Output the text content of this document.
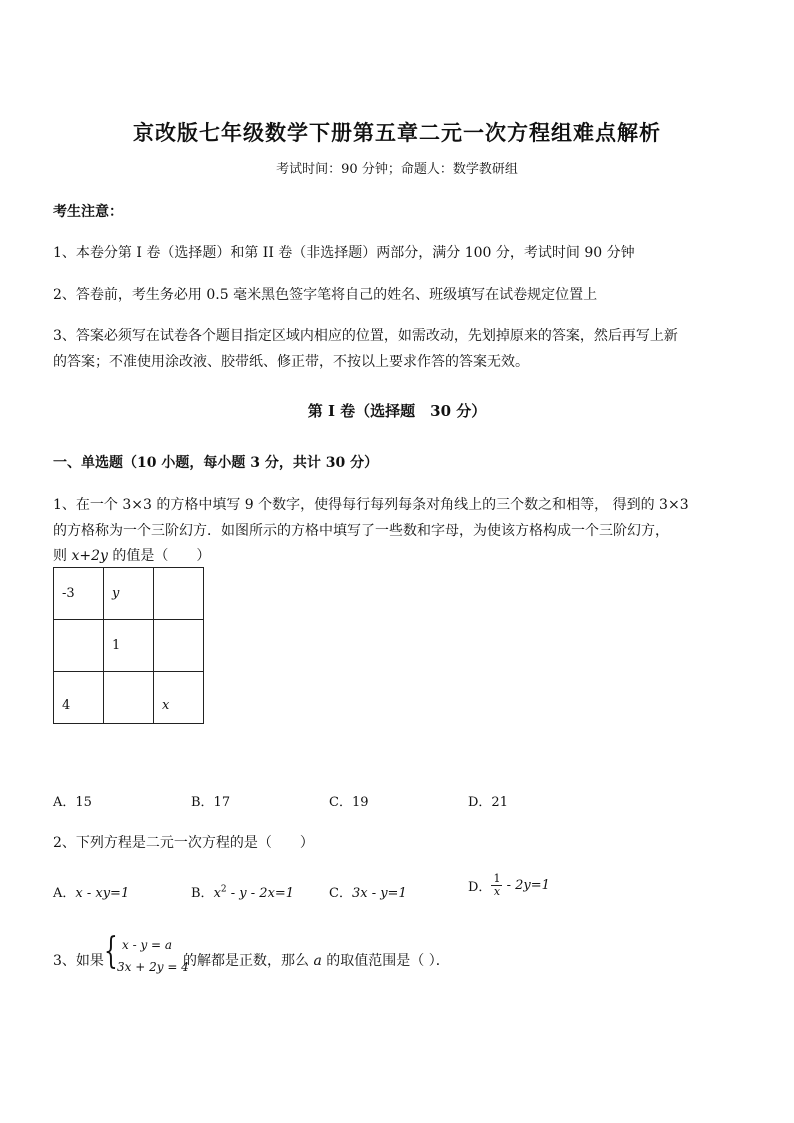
京改版七年级数学下册第五章二元一次方程组难点解析
考试时间：90 分钟；命题人：数学教研组
考生注意：
1、本卷分第 I 卷（选择题）和第 II 卷（非选择题）两部分，满分 100 分，考试时间 90 分钟
2、答卷前，考生务必用 0.5 毫米黑色签字笔将自己的姓名、班级填写在试卷规定位置上
3、答案必须写在试卷各个题目指定区域内相应的位置，如需改动，先划掉原来的答案，然后再写上新
的答案；不准使用涂改液、胶带纸、修正带，不按以上要求作答的答案无效。
第 I 卷（选择题　30 分）
一、单选题（10 小题，每小题 3 分，共计 30 分）
1、在一个 3×3 的方格中填写 9 个数字，使得每行每列每条对角线上的三个数之和相等， 得到的 3×3
的方格称为一个三阶幻方．如图所示的方格中填写了一些数和字母，为使该方格构成一个三阶幻方，
则 x+2y 的值是（　　）
-3	y	
	1	
4		x
A．15	B．17	C．19	D．21
2、下列方程是二元一次方程的是（　　）
A．x - xy=1	B．$x^2 - y - 2x=1$	C．3x - y=1	D． $\frac{1}{x} - 2y=1$
3、如果 { x - y = a
3x + 2y = 4
的解都是正数，那么 a 的取值范围是（ ）．
